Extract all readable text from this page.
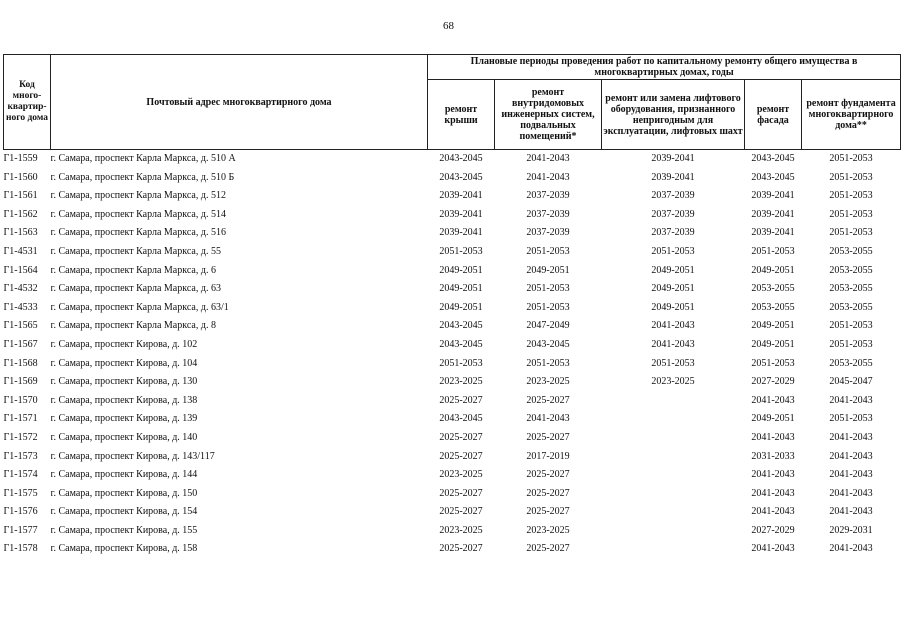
68
Код много-квартир-ного дома	Почтовый адрес многоквартирного дома	Плановые периоды проведения работ по капитальному ремонту общего имущества в многоквартирных домах, годы				
		ремонт крыши	ремонт внутридомовых инженерных систем, подвальных помещений*	ремонт или замена лифтового оборудования, признанного непригодным для эксплуатации, лифтовых шахт	ремонт фасада	ремонт фундамента многоквартирного дома**
Г1-1559	г. Самара, проспект Карла Маркса, д. 510 А	2043-2045	2041-2043	2039-2041	2043-2045	2051-2053
Г1-1560	г. Самара, проспект Карла Маркса, д. 510 Б	2043-2045	2041-2043	2039-2041	2043-2045	2051-2053
Г1-1561	г. Самара, проспект Карла Маркса, д. 512	2039-2041	2037-2039	2037-2039	2039-2041	2051-2053
Г1-1562	г. Самара, проспект Карла Маркса, д. 514	2039-2041	2037-2039	2037-2039	2039-2041	2051-2053
Г1-1563	г. Самара, проспект Карла Маркса, д. 516	2039-2041	2037-2039	2037-2039	2039-2041	2051-2053
Г1-4531	г. Самара, проспект Карла Маркса, д. 55	2051-2053	2051-2053	2051-2053	2051-2053	2053-2055
Г1-1564	г. Самара, проспект Карла Маркса, д. 6	2049-2051	2049-2051	2049-2051	2049-2051	2053-2055
Г1-4532	г. Самара, проспект Карла Маркса, д. 63	2049-2051	2051-2053	2049-2051	2053-2055	2053-2055
Г1-4533	г. Самара, проспект Карла Маркса, д. 63/1	2049-2051	2051-2053	2049-2051	2053-2055	2053-2055
Г1-1565	г. Самара, проспект Карла Маркса, д. 8	2043-2045	2047-2049	2041-2043	2049-2051	2051-2053
Г1-1567	г. Самара, проспект Кирова, д. 102	2043-2045	2043-2045	2041-2043	2049-2051	2051-2053
Г1-1568	г. Самара, проспект Кирова, д. 104	2051-2053	2051-2053	2051-2053	2051-2053	2053-2055
Г1-1569	г. Самара, проспект Кирова, д. 130	2023-2025	2023-2025	2023-2025	2027-2029	2045-2047
Г1-1570	г. Самара, проспект Кирова, д. 138	2025-2027	2025-2027		2041-2043	2041-2043
Г1-1571	г. Самара, проспект Кирова, д. 139	2043-2045	2041-2043		2049-2051	2051-2053
Г1-1572	г. Самара, проспект Кирова, д. 140	2025-2027	2025-2027		2041-2043	2041-2043
Г1-1573	г. Самара, проспект Кирова, д. 143/117	2025-2027	2017-2019		2031-2033	2041-2043
Г1-1574	г. Самара, проспект Кирова, д. 144	2023-2025	2025-2027		2041-2043	2041-2043
Г1-1575	г. Самара, проспект Кирова, д. 150	2025-2027	2025-2027		2041-2043	2041-2043
Г1-1576	г. Самара, проспект Кирова, д. 154	2025-2027	2025-2027		2041-2043	2041-2043
Г1-1577	г. Самара, проспект Кирова, д. 155	2023-2025	2023-2025		2027-2029	2029-2031
Г1-1578	г. Самара, проспект Кирова, д. 158	2025-2027	2025-2027		2041-2043	2041-2043
